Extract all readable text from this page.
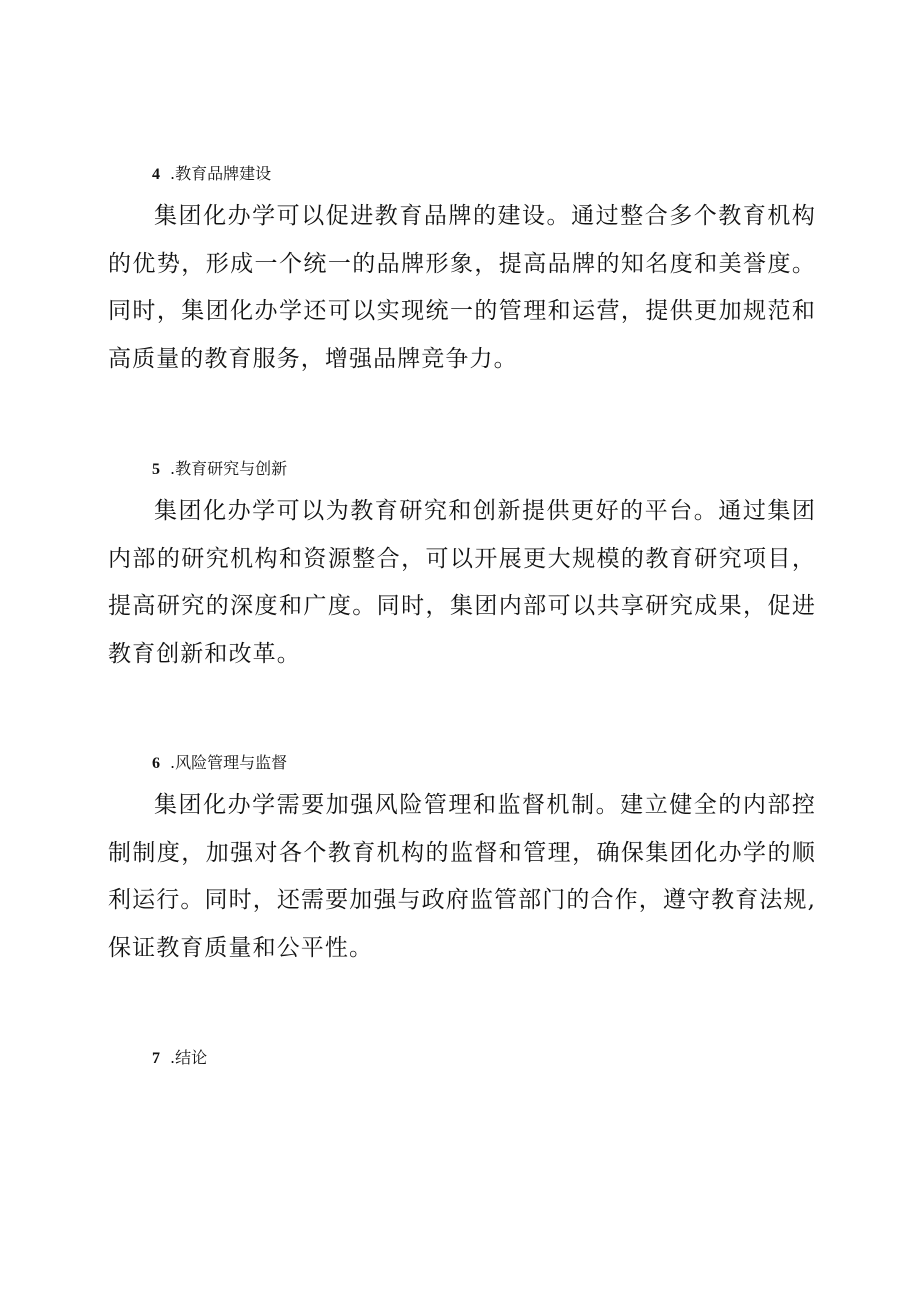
4 .教育品牌建设

集团化办学可以促进教育品牌的建设。通过整合多个教育机构的优势，形成一个统一的品牌形象，提高品牌的知名度和美誉度。同时，集团化办学还可以实现统一的管理和运营，提供更加规范和高质量的教育服务，增强品牌竞争力。

5 .教育研究与创新

集团化办学可以为教育研究和创新提供更好的平台。通过集团内部的研究机构和资源整合，可以开展更大规模的教育研究项目，提高研究的深度和广度。同时，集团内部可以共享研究成果，促进教育创新和改革。

6 .风险管理与监督

集团化办学需要加强风险管理和监督机制。建立健全的内部控制制度，加强对各个教育机构的监督和管理，确保集团化办学的顺利运行。同时，还需要加强与政府监管部门的合作，遵守教育法规,保证教育质量和公平性。

7 .结论
